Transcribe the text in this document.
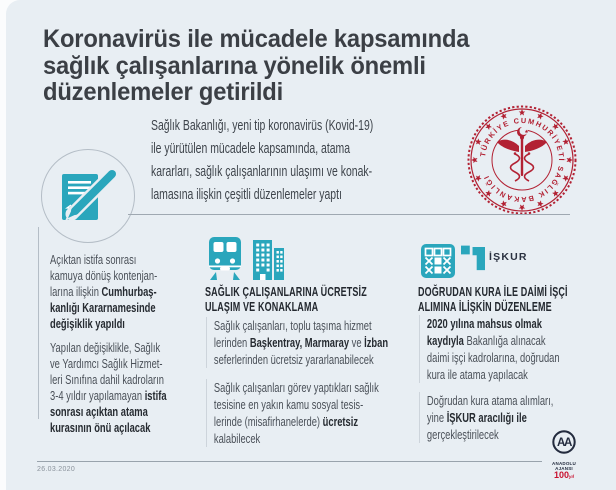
Koronavirüs ile mücadele kapsamında
sağlık çalışanlarına yönelik önemli
düzenlemeler getirildi
Sağlık Bakanlığı, yeni tip koronavirüs (Kovid-19)
ile yürütülen mücadele kapsamında, atama
kararları, sağlık çalışanlarının ulaşımı ve konak-
lamasına ilişkin çeşitli düzenlemeler yaptı
TÜRKİYE CUMHURİYETİ SAĞLIK BAKANLIĞI
Açıktan istifa sonrası
kamuya dönüş kontenjan-
larına ilişkin Cumhurbaş-
kanlığı Kararnamesinde
değişiklik yapıldı
Yapılan değişiklikle, Sağlık
ve Yardımcı Sağlık Hizmet-
leri Sınıfına dahil kadroların
3-4 yıldır yapılamayan istifa
sonrası açıktan atama
kurasının önü açılacak
SAĞLIK ÇALIŞANLARINA ÜCRETSİZ
ULAŞIM VE KONAKLAMA
Sağlık çalışanları, toplu taşıma hizmet
lerinden Başkentray, Marmaray ve İzban
seferlerinden ücretsiz yararlanabilecek
Sağlık çalışanları görev yaptıkları sağlık
tesisine en yakın kamu sosyal tesis-
lerinde (misafirhanelerde) ücretsiz
kalabilecek
İŞKUR
DOĞRUDAN KURA İLE DAİMİ İŞÇİ
ALIMINA İLİŞKİN DÜZENLEME
2020 yılına mahsus olmak
kaydıyla Bakanlığa alınacak
daimi işçi kadrolarına, doğrudan
kura ile atama yapılacak
Doğrudan kura atama alımları,
yine İŞKUR aracılığı ile
gerçekleştirilecek
26.03.2020
AA
ANADOLU AJANSI
100yıl
